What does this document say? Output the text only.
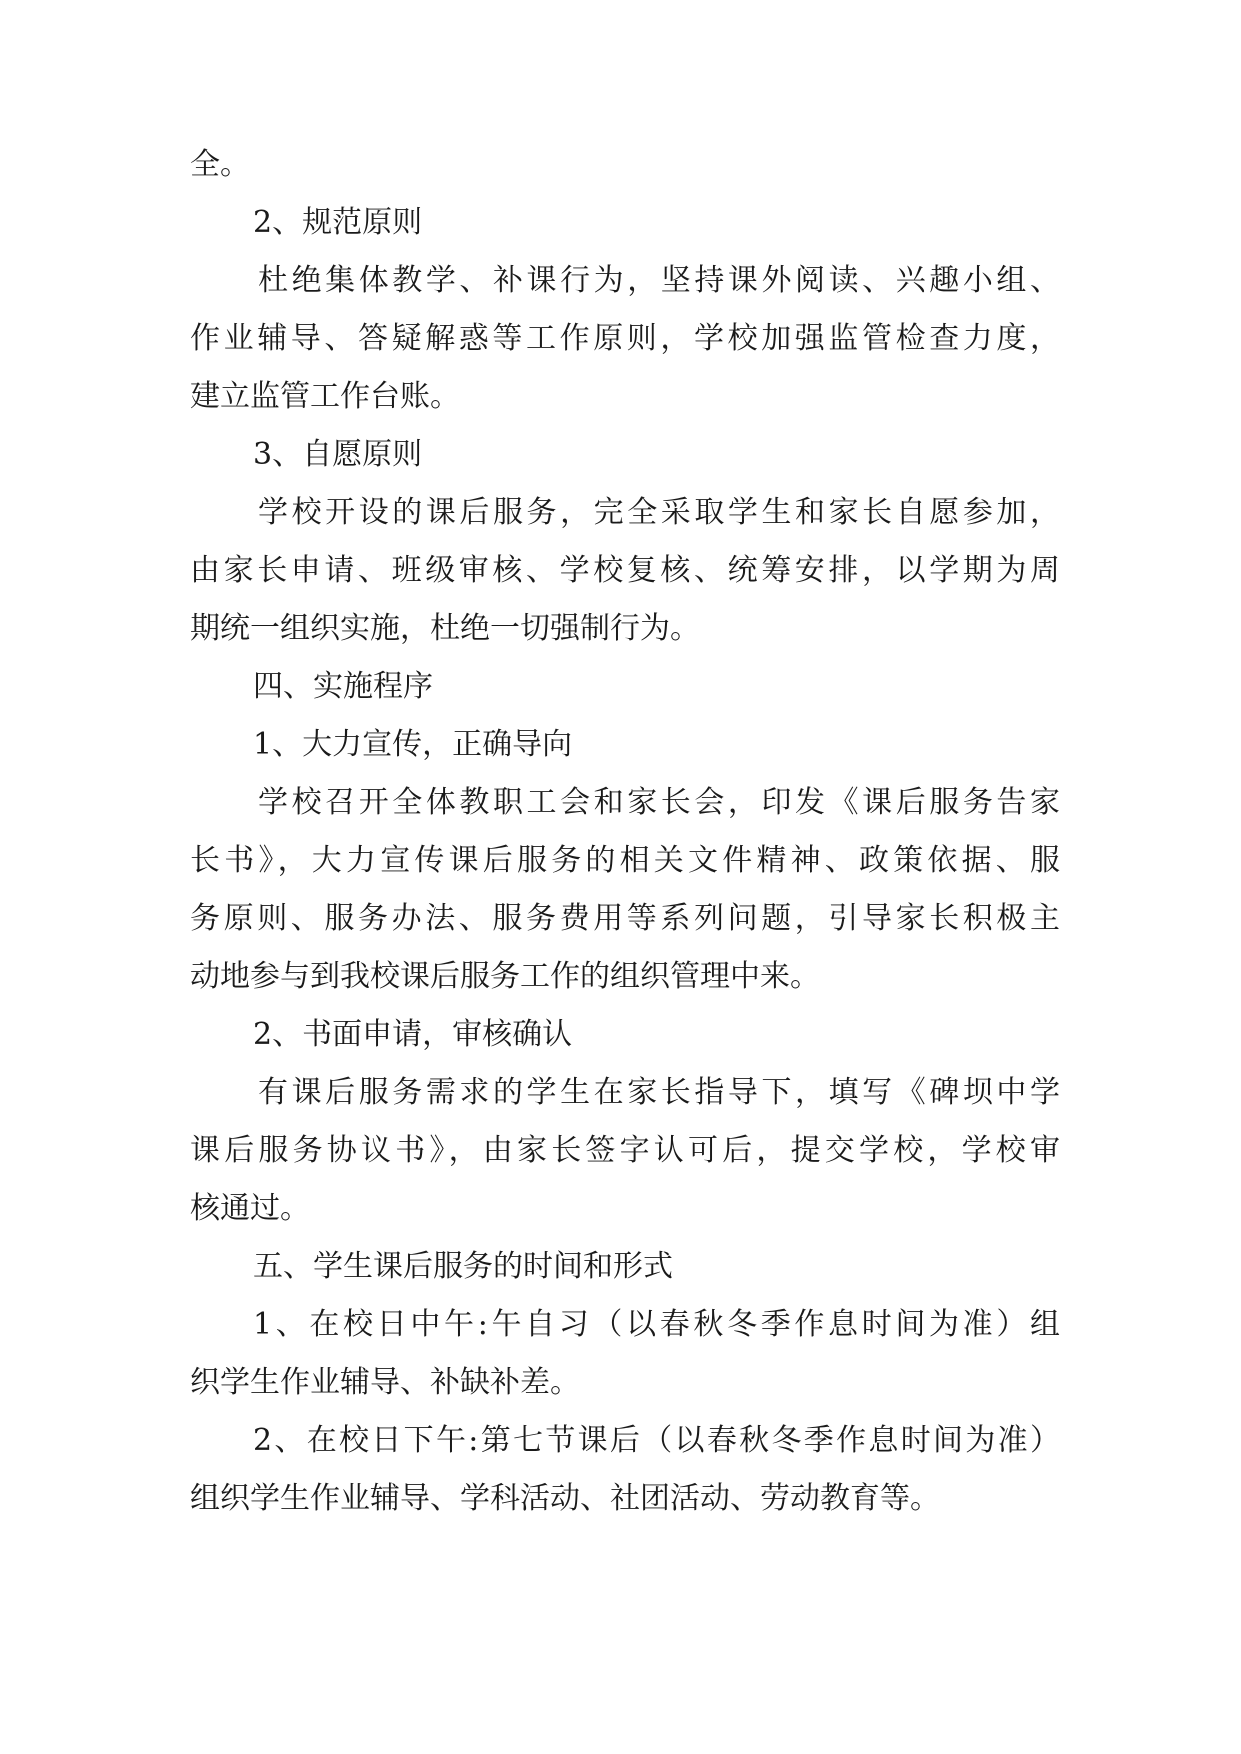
全。
2、规范原则
杜绝集体教学、补课行为，坚持课外阅读、兴趣小组、
作业辅导、答疑解惑等工作原则，学校加强监管检查力度，
建立监管工作台账。
3、自愿原则
学校开设的课后服务，完全采取学生和家长自愿参加，
由家长申请、班级审核、学校复核、统筹安排，以学期为周
期统一组织实施，杜绝一切强制行为。
四、实施程序
1、大力宣传，正确导向
学校召开全体教职工会和家长会，印发《课后服务告家
长书》，大力宣传课后服务的相关文件精神、政策依据、服
务原则、服务办法、服务费用等系列问题，引导家长积极主
动地参与到我校课后服务工作的组织管理中来。
2、书面申请，审核确认
有课后服务需求的学生在家长指导下，填写《碑坝中学
课后服务协议书》，由家长签字认可后，提交学校，学校审
核通过。
五、学生课后服务的时间和形式
1、在校日中午:午自习（以春秋冬季作息时间为准）组
织学生作业辅导、补缺补差。
2、在校日下午:第七节课后（以春秋冬季作息时间为准）
组织学生作业辅导、学科活动、社团活动、劳动教育等。
